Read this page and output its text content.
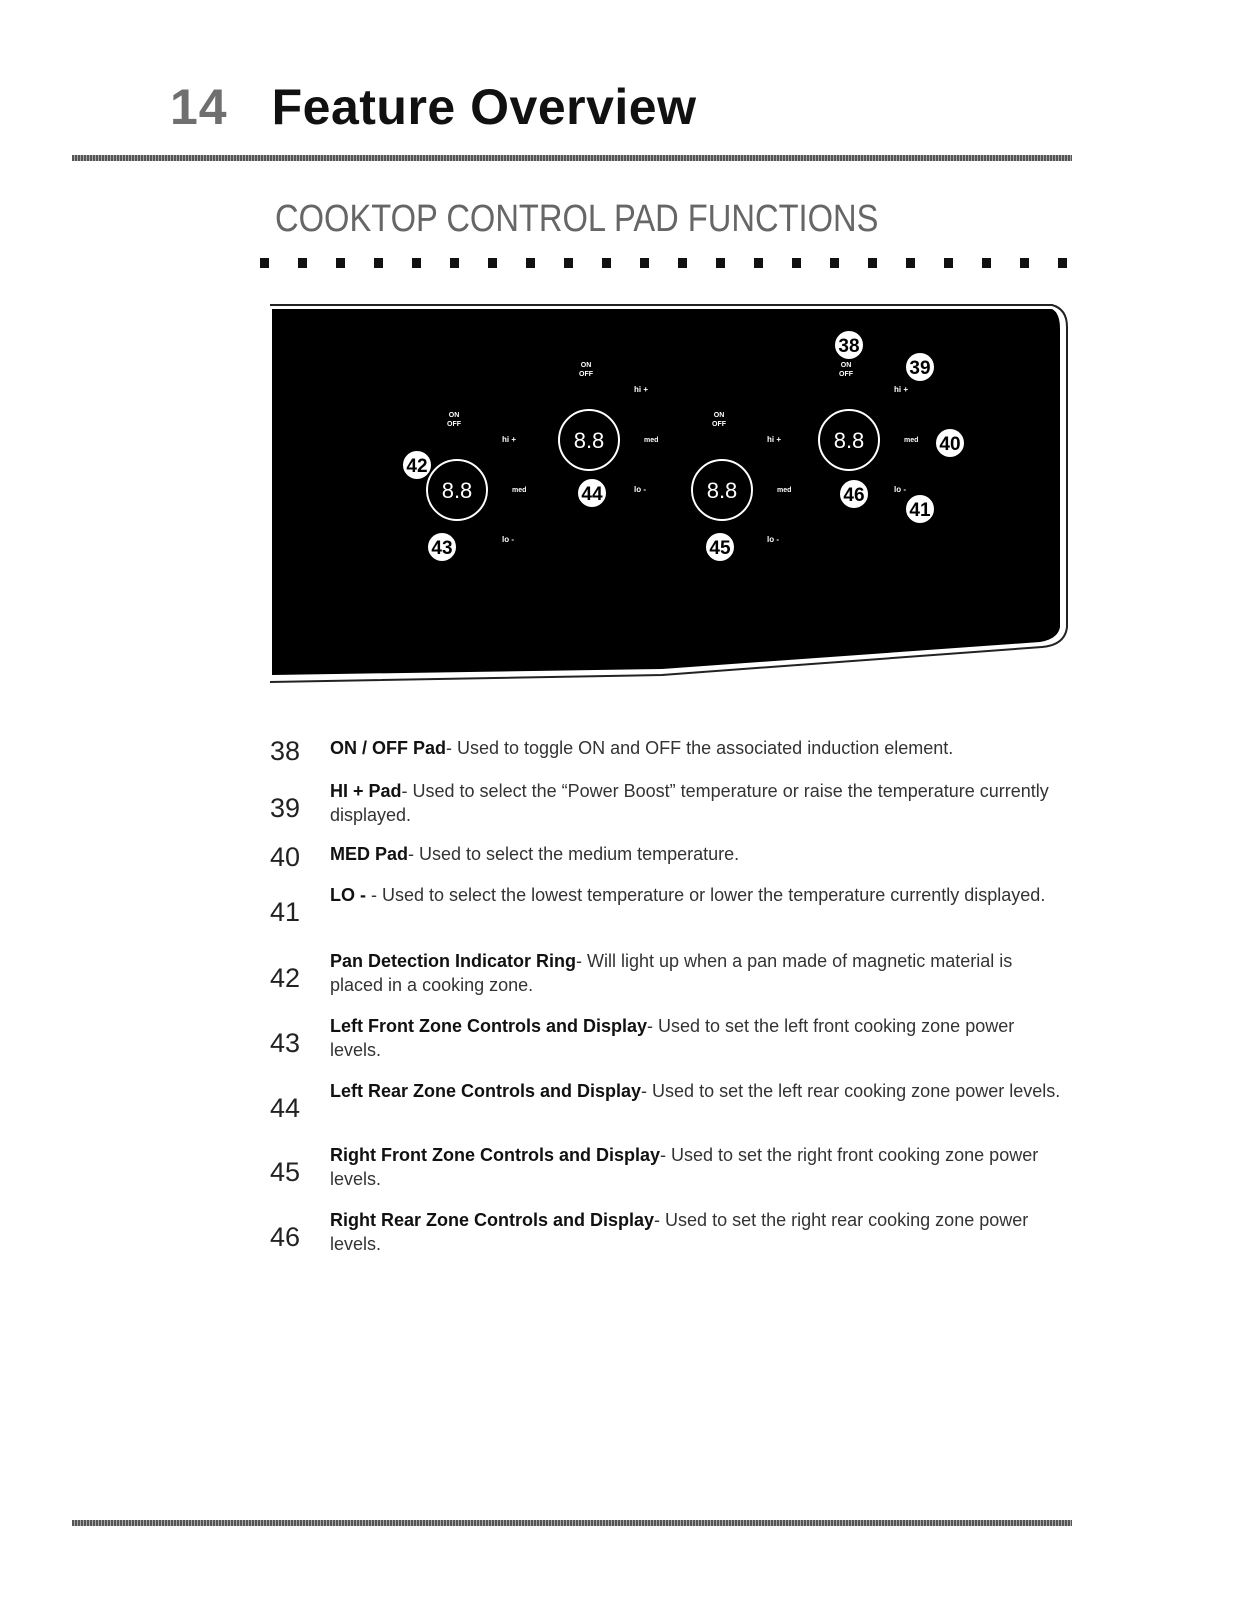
14 Feature Overview
COOKTOP CONTROL PAD FUNCTIONS
8.8
ON
OFF
hi +
med
lo -
8.8
ON
OFF
hi +
med
lo -	8.8
ON
OFF
hi +
med
lo -
8.8
ON
OFF
hi +
med
lo -
38
39
40
41
42
43
44
45
46
38 ON / OFF Pad- Used to toggle ON and OFF the associated induction element.
39
HI + Pad- Used to select the “Power Boost” temperature or raise the temperature currently displayed.
40 MED Pad- Used to select the medium temperature.
41
LO - - Used to select the lowest temperature or lower the temperature currently displayed.
42
Pan Detection Indicator Ring- Will light up when a pan made of magnetic material is placed in a cooking zone.
43
Left Front Zone Controls and Display- Used to set the left front cooking zone power levels.
44
Left Rear Zone Controls and Display- Used to set the left rear cooking zone power levels.
45
Right Front Zone Controls and Display- Used to set the right front cooking zone power levels.
46
Right Rear Zone Controls and Display- Used to set the right rear cooking zone power levels.
